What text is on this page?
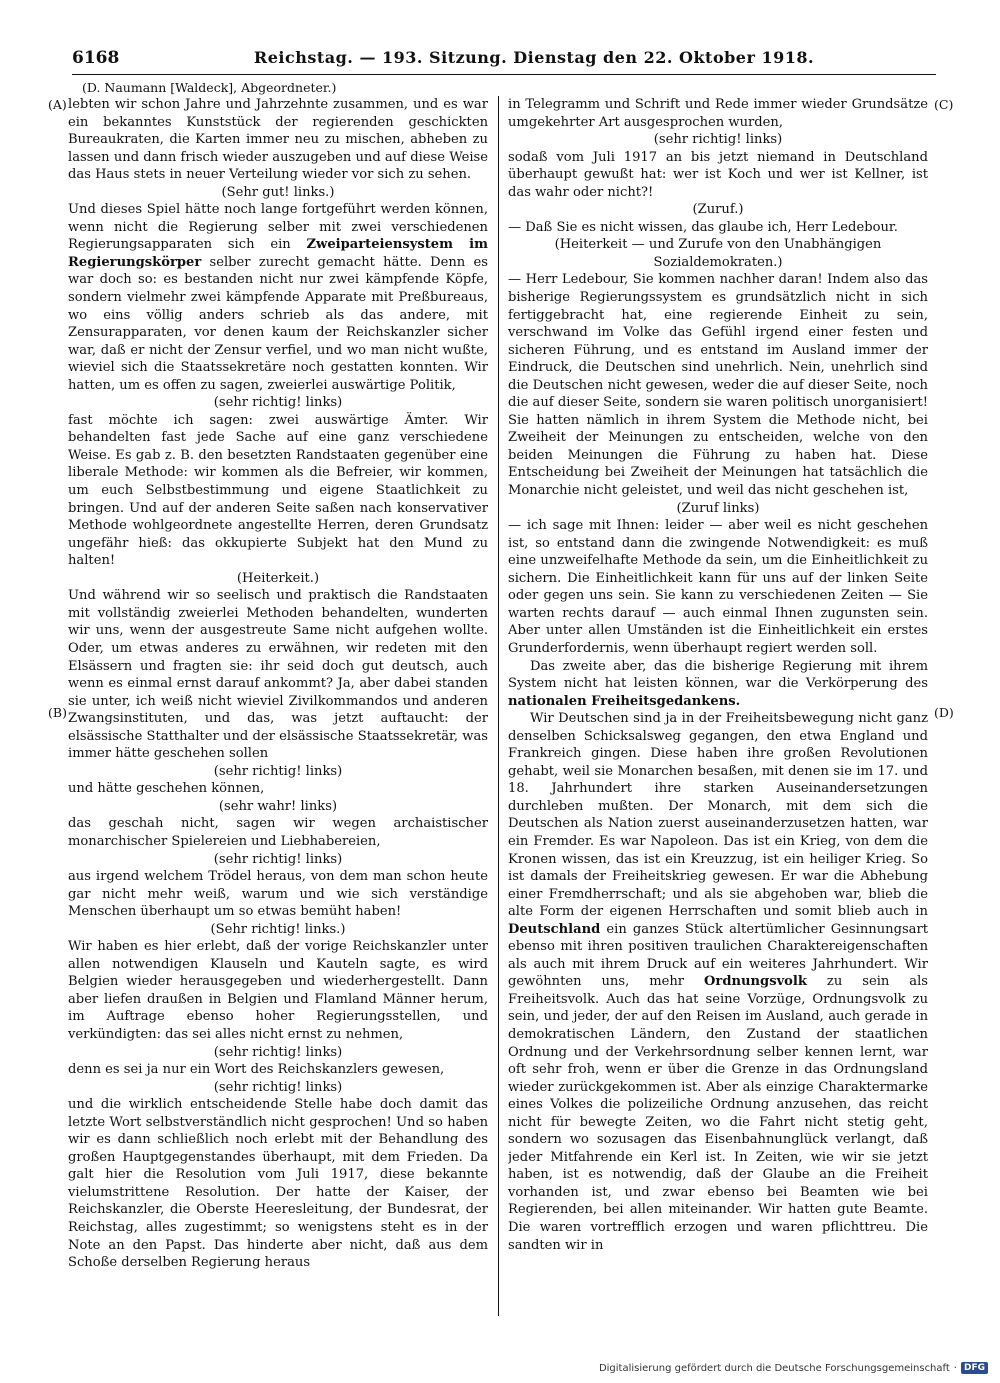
6168	Reichstag. — 193. Sitzung. Dienstag den 22. Oktober 1918.
(D. Naumann [Waldeck], Abgeordneter.)
(A)
(B)
(C)
(D)

lebten wir schon Jahre und Jahrzehnte zusammen, und es war ein bekanntes Kunststück der regierenden geschickten Bureaukraten, die Karten immer neu zu mischen, abheben zu lassen und dann frisch wieder auszugeben und auf diese Weise das Haus stets in neuer Verteilung wieder vor sich zu sehen.

(Sehr gut! links.)

Und dieses Spiel hätte noch lange fortgeführt werden können, wenn nicht die Regierung selber mit zwei verschiedenen Regierungsapparaten sich ein Zweiparteiensystem im Regierungskörper selber zurecht gemacht hätte. Denn es war doch so: es bestanden nicht nur zwei kämpfende Köpfe, sondern vielmehr zwei kämpfende Apparate mit Preßbureaus, wo eins völlig anders schrieb als das andere, mit Zensurapparaten, vor denen kaum der Reichskanzler sicher war, daß er nicht der Zensur verfiel, und wo man nicht wußte, wieviel sich die Staatssekretäre noch gestatten konnten. Wir hatten, um es offen zu sagen, zweierlei auswärtige Politik,

(sehr richtig! links)

fast möchte ich sagen: zwei auswärtige Ämter. Wir behandelten fast jede Sache auf eine ganz verschiedene Weise. Es gab z. B. den besetzten Randstaaten gegenüber eine liberale Methode: wir kommen als die Befreier, wir kommen, um euch Selbstbestimmung und eigene Staatlichkeit zu bringen. Und auf der anderen Seite saßen nach konservativer Methode wohlgeordnete angestellte Herren, deren Grundsatz ungefähr hieß: das okkupierte Subjekt hat den Mund zu halten!

(Heiterkeit.)

Und während wir so seelisch und praktisch die Randstaaten mit vollständig zweierlei Methoden behandelten, wunderten wir uns, wenn der ausgestreute Same nicht aufgehen wollte. Oder, um etwas anderes zu erwähnen, wir redeten mit den Elsässern und fragten sie: ihr seid doch gut deutsch, auch wenn es einmal ernst darauf ankommt? Ja, aber dabei standen sie unter, ich weiß nicht wieviel Zivilkommandos und anderen Zwangsinstituten, und das, was jetzt auftaucht: der elsässische Statthalter und der elsässische Staatssekretär, was immer hätte geschehen sollen

(sehr richtig! links)

und hätte geschehen können,

(sehr wahr! links)

das geschah nicht, sagen wir wegen archaistischer monarchischer Spielereien und Liebhabereien,

(sehr richtig! links)

aus irgend welchem Trödel heraus, von dem man schon heute gar nicht mehr weiß, warum und wie sich verständige Menschen überhaupt um so etwas bemüht haben!

(Sehr richtig! links.)

Wir haben es hier erlebt, daß der vorige Reichskanzler unter allen notwendigen Klauseln und Kauteln sagte, es wird Belgien wieder herausgegeben und wiederhergestellt. Dann aber liefen draußen in Belgien und Flamland Männer herum, im Auftrage ebenso hoher Regierungsstellen, und verkündigten: das sei alles nicht ernst zu nehmen,

(sehr richtig! links)

denn es sei ja nur ein Wort des Reichskanzlers gewesen,

(sehr richtig! links)

und die wirklich entscheidende Stelle habe doch damit das letzte Wort selbstverständlich nicht gesprochen! Und so haben wir es dann schließlich noch erlebt mit der Behandlung des großen Hauptgegenstandes überhaupt, mit dem Frieden. Da galt hier die Resolution vom Juli 1917, diese bekannte vielumstrittene Resolution. Der hatte der Kaiser, der Reichskanzler, die Oberste Heeresleitung, der Bundesrat, der Reichstag, alles zugestimmt; so wenigstens steht es in der Note an den Papst. Das hinderte aber nicht, daß aus dem Schoße derselben Regierung heraus

in Telegramm und Schrift und Rede immer wieder Grundsätze umgekehrter Art ausgesprochen wurden,

(sehr richtig! links)

sodaß vom Juli 1917 an bis jetzt niemand in Deutschland überhaupt gewußt hat: wer ist Koch und wer ist Kellner, ist das wahr oder nicht?!

(Zuruf.)

— Daß Sie es nicht wissen, das glaube ich, Herr Ledebour.

(Heiterkeit — und Zurufe von den Unabhängigen Sozialdemokraten.)

— Herr Ledebour, Sie kommen nachher daran! Indem also das bisherige Regierungssystem es grundsätzlich nicht in sich fertiggebracht hat, eine regierende Einheit zu sein, verschwand im Volke das Gefühl irgend einer festen und sicheren Führung, und es entstand im Ausland immer der Eindruck, die Deutschen sind unehrlich. Nein, unehrlich sind die Deutschen nicht gewesen, weder die auf dieser Seite, noch die auf dieser Seite, sondern sie waren politisch unorganisiert! Sie hatten nämlich in ihrem System die Methode nicht, bei Zweiheit der Meinungen zu entscheiden, welche von den beiden Meinungen die Führung zu haben hat. Diese Entscheidung bei Zweiheit der Meinungen hat tatsächlich die Monarchie nicht geleistet, und weil das nicht geschehen ist,

(Zuruf links)

— ich sage mit Ihnen: leider — aber weil es nicht geschehen ist, so entstand dann die zwingende Notwendigkeit: es muß eine unzweifelhafte Methode da sein, um die Einheitlichkeit zu sichern. Die Einheitlichkeit kann für uns auf der linken Seite oder gegen uns sein. Sie kann zu verschiedenen Zeiten — Sie warten rechts darauf — auch einmal Ihnen zugunsten sein. Aber unter allen Umständen ist die Einheitlichkeit ein erstes Grunderfordernis, wenn überhaupt regiert werden soll.

Das zweite aber, das die bisherige Regierung mit ihrem System nicht hat leisten können, war die Verkörperung des nationalen Freiheitsgedankens.

Wir Deutschen sind ja in der Freiheitsbewegung nicht ganz denselben Schicksalsweg gegangen, den etwa England und Frankreich gingen. Diese haben ihre großen Revolutionen gehabt, weil sie Monarchen besaßen, mit denen sie im 17. und 18. Jahrhundert ihre starken Auseinandersetzungen durchleben mußten. Der Monarch, mit dem sich die Deutschen als Nation zuerst auseinanderzusetzen hatten, war ein Fremder. Es war Napoleon. Das ist ein Krieg, von dem die Kronen wissen, das ist ein Kreuzzug, ist ein heiliger Krieg. So ist damals der Freiheitskrieg gewesen. Er war die Abhebung einer Fremdherrschaft; und als sie abgehoben war, blieb die alte Form der eigenen Herrschaften und somit blieb auch in Deutschland ein ganzes Stück altertümlicher Gesinnungsart ebenso mit ihren positiven traulichen Charaktereigenschaften als auch mit ihrem Druck auf ein weiteres Jahrhundert. Wir gewöhnten uns, mehr Ordnungsvolk zu sein als Freiheitsvolk. Auch das hat seine Vorzüge, Ordnungsvolk zu sein, und jeder, der auf den Reisen im Ausland, auch gerade in demokratischen Ländern, den Zustand der staatlichen Ordnung und der Verkehrsordnung selber kennen lernt, war oft sehr froh, wenn er über die Grenze in das Ordnungsland wieder zurückgekommen ist. Aber als einzige Charaktermarke eines Volkes die polizeiliche Ordnung anzusehen, das reicht nicht für bewegte Zeiten, wo die Fahrt nicht stetig geht, sondern wo sozusagen das Eisenbahnunglück verlangt, daß jeder Mitfahrende ein Kerl ist. In Zeiten, wie wir sie jetzt haben, ist es notwendig, daß der Glaube an die Freiheit vorhanden ist, und zwar ebenso bei Beamten wie bei Regierenden, bei allen miteinander. Wir hatten gute Beamte. Die waren vortrefflich erzogen und waren pflichttreu. Die sandten wir in

Digitalisierung gefördert durch die Deutsche Forschungsgemeinschaft · DFG
